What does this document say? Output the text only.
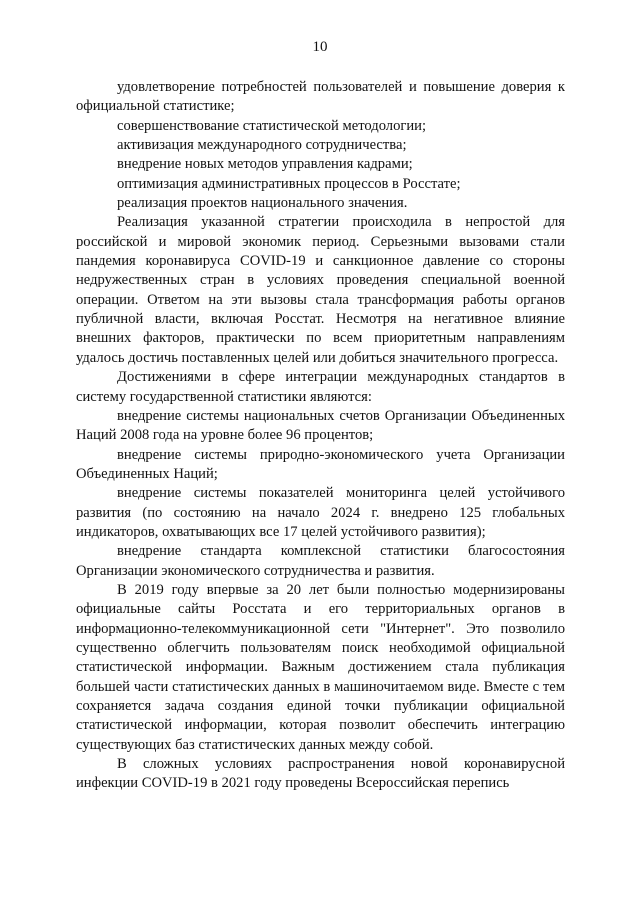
10

удовлетворение потребностей пользователей и повышение доверия к официальной статистике;

совершенствование статистической методологии;

активизация международного сотрудничества;

внедрение новых методов управления кадрами;

оптимизация административных процессов в Росстате;

реализация проектов национального значения.

Реализация указанной стратегии происходила в непростой для российской и мировой экономик период. Серьезными вызовами стали пандемия коронавируса COVID-19 и санкционное давление со стороны недружественных стран в условиях проведения специальной военной операции. Ответом на эти вызовы стала трансформация работы органов публичной власти, включая Росстат. Несмотря на негативное влияние внешних факторов, практически по всем приоритетным направлениям удалось достичь поставленных целей или добиться значительного прогресса.

Достижениями в сфере интеграции международных стандартов в систему государственной статистики являются:

внедрение системы национальных счетов Организации Объединенных Наций 2008 года на уровне более 96 процентов;

внедрение системы природно-экономического учета Организации Объединенных Наций;

внедрение системы показателей мониторинга целей устойчивого развития (по состоянию на начало 2024 г. внедрено 125 глобальных индикаторов, охватывающих все 17 целей устойчивого развития);

внедрение стандарта комплексной статистики благосостояния Организации экономического сотрудничества и развития.

В 2019 году впервые за 20 лет были полностью модернизированы официальные сайты Росстата и его территориальных органов в информационно-телекоммуникационной сети "Интернет". Это позволило существенно облегчить пользователям поиск необходимой официальной статистической информации. Важным достижением стала публикация большей части статистических данных в машиночитаемом виде. Вместе с тем сохраняется задача создания единой точки публикации официальной статистической информации, которая позволит обеспечить интеграцию существующих баз статистических данных между собой.

В сложных условиях распространения новой коронавирусной инфекции COVID-19 в 2021 году проведены Всероссийская перепись
